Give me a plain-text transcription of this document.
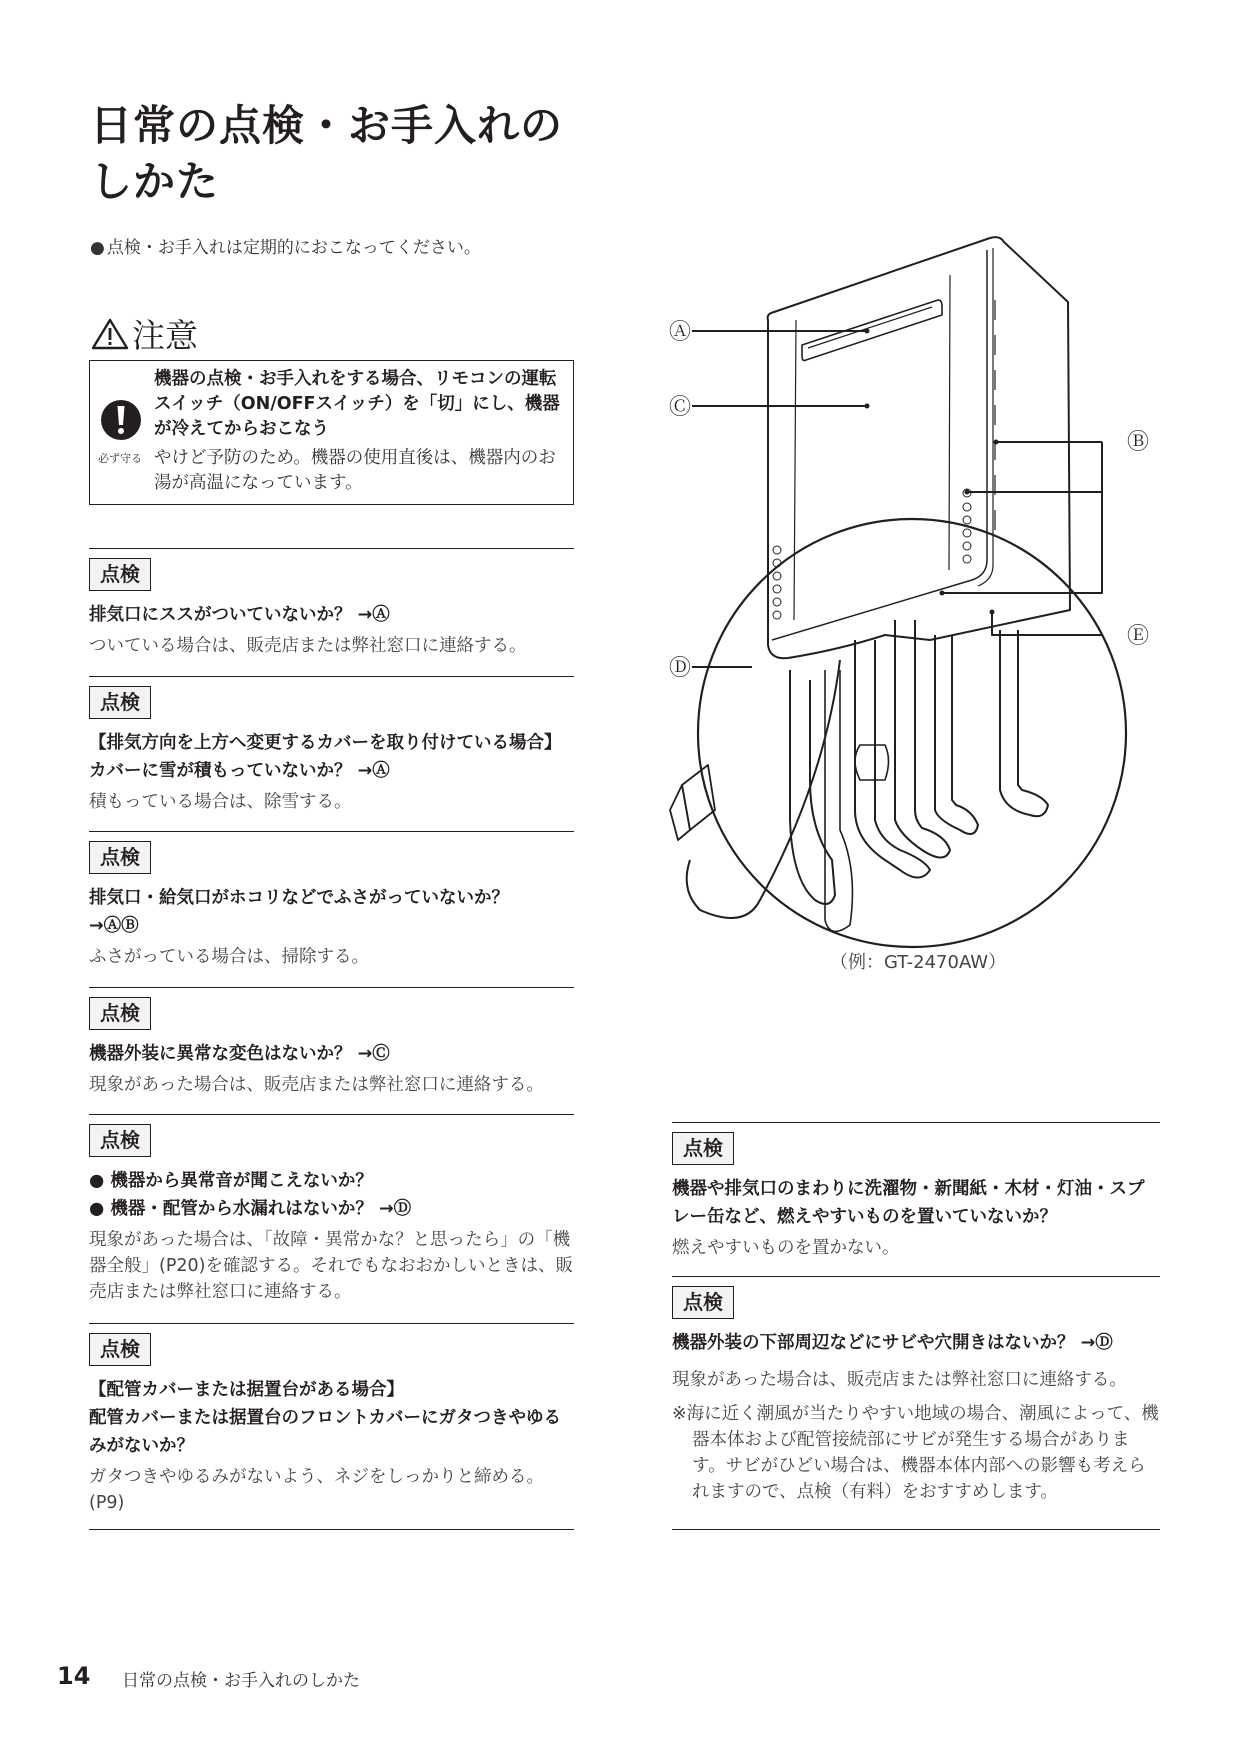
日常の点検・お手入れの
しかた
● 点検・お手入れは定期的におこなってください。
注意
必ず守る
機器の点検・お手入れをする場合、リモコンの運転スイッチ（ON/OFFスイッチ）を「切」にし、機器が冷えてからおこなう
やけど予防のため。機器の使用直後は、機器内のお湯が高温になっています。
点検
排気口にススがついていないか？ →Ⓐ
ついている場合は、販売店または弊社窓口に連絡する。
点検
【排気方向を上方へ変更するカバーを取り付けている場合】
カバーに雪が積もっていないか？ →Ⓐ
積もっている場合は、除雪する。
点検
排気口・給気口がホコリなどでふさがっていないか？
→ⒶⒷ
ふさがっている場合は、掃除する。
点検
機器外装に異常な変色はないか？ →Ⓒ
現象があった場合は、販売店または弊社窓口に連絡する。
点検
● 機器から異常音が聞こえないか？
● 機器・配管から水漏れはないか？ →Ⓓ
現象があった場合は、「故障・異常かな？と思ったら」の「機器全般」(P20)を確認する。それでもなおおかしいときは、販売店または弊社窓口に連絡する。
点検
【配管カバーまたは据置台がある場合】
配管カバーまたは据置台のフロントカバーにガタつきやゆるみがないか？
ガタつきやゆるみがないよう、ネジをしっかりと締める。(P9)
点検
機器や排気口のまわりに洗濯物・新聞紙・木材・灯油・スプレー缶など、燃えやすいものを置いていないか？
燃えやすいものを置かない。
点検
機器外装の下部周辺などにサビや穴開きはないか？ →Ⓓ
現象があった場合は、販売店または弊社窓口に連絡する。
※海に近く潮風が当たりやすい地域の場合、潮風によって、機器本体および配管接続部にサビが発生する場合があります。サビがひどい場合は、機器本体内部への影響も考えられますので、点検（有料）をおすすめします。
Ⓐ
Ⓒ
Ⓑ
Ⓓ
Ⓔ
（例：GT-2470AW）
14 日常の点検・お手入れのしかた
